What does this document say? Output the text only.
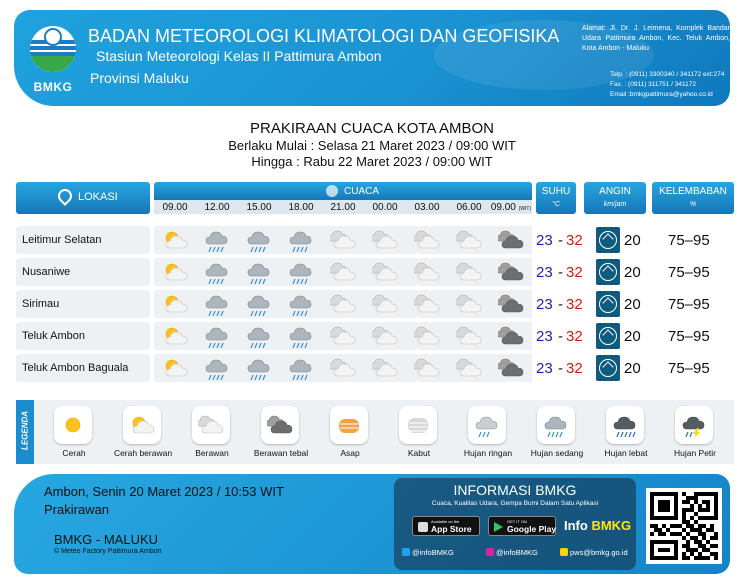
BMKG
BADAN METEOROLOGI KLIMATOLOGI DAN GEOFISIKA
Stasiun Meteorologi Kelas II Pattimura Ambon
Provinsi Maluku
Alamat: Jl. Dr. J. Leimena, Komplek Bandar Udara Pattimura Ambon, Kec. Teluk Ambon, Kota Ambon - Maluku
Telp. : (0911) 3300340 / 341172 ext:274
Fax. : (0911) 311751 / 341172
Email :bmkgpattimura@yahoo.co.id
PRAKIRAAN CUACA KOTA AMBON
Berlaku Mulai : Selasa 21 Maret 2023 / 09:00 WIT
Hingga : Rabu 22 Maret 2023 / 09:00 WIT
LOKASI	CUACA
09.00	12.00	15.00	18.00	21.00	00.00	03.00	06.00 09.00 (WIT)
SUHU
°C
ANGIN
km/jam
KELEMBABAN
%
Leitimur Selatan	23 - 32	20 75–95
Nusaniwe	23 - 32	20 75–95
Sirimau	23 - 32	20 75–95
Teluk Ambon	23 - 32	20 75–95
Teluk Ambon Baguala	23 - 32	20 75–95
LEGENDA
Cerah	Cerah berawan	Berawan	Berawan tebal	Asap	Kabut	Hujan ringan	Hujan sedang	Hujan lebat	Hujan Petir
Ambon, Senin 20 Maret 2023 / 10:53 WIT
Prakirawan
BMKG - MALUKU
© Meteo Factory Pattimura Ambon
INFORMASI BMKG
Cuaca, Kualitas Udara, Gempa Bumi Dalam Satu Aplikasi
Available on the
App Store
GET IT ON
Google Play Info BMKG
@infoBMKG	@infoBMKG	pws@bmkg.go.id
